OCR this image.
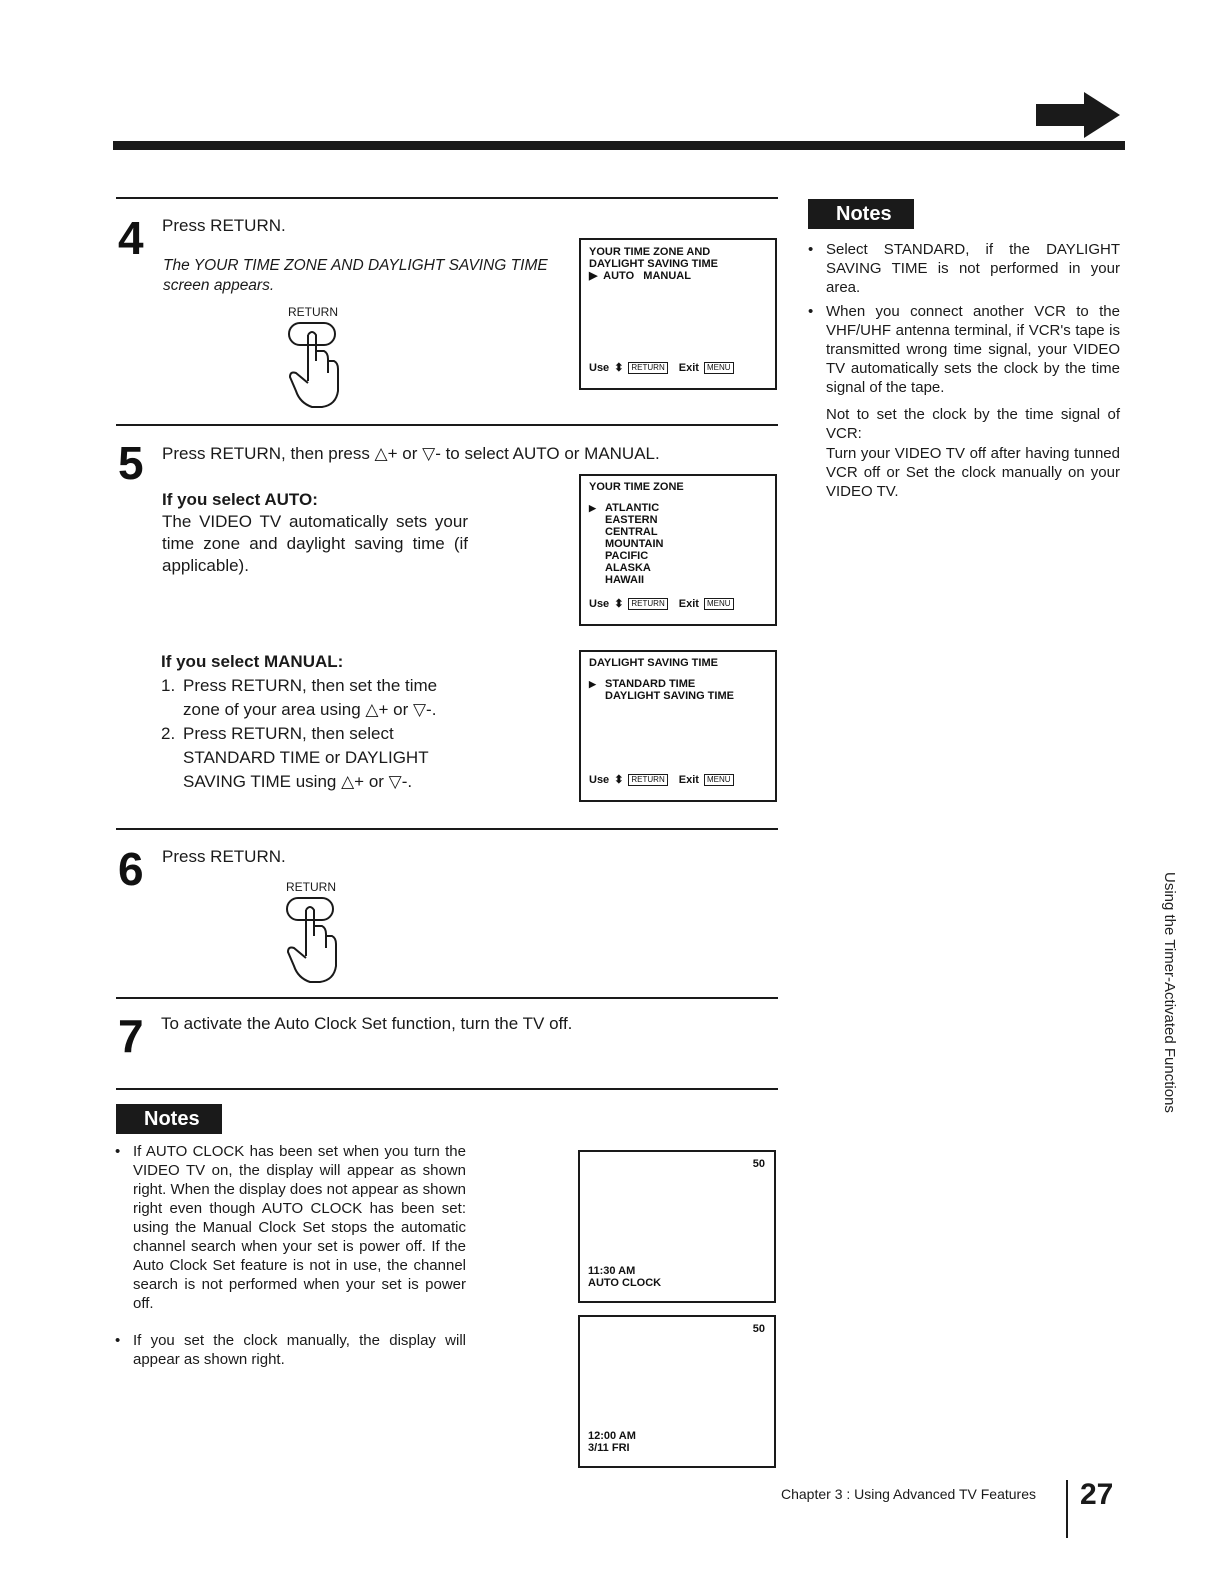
4 Press RETURN.
The YOUR TIME ZONE AND DAYLIGHT SAVING TIME screen appears.
RETURN
YOUR TIME ZONE AND
DAYLIGHT SAVING TIME
▶  AUTO   MANUAL
Use ⬍	RETURN Exit	MENU
5 Press RETURN, then press △+ or ▽- to select AUTO or MANUAL.
If you select AUTO:
The VIDEO TV automatically sets your time zone and daylight saving time (if applicable).
YOUR TIME ZONE
▶ ATLANTIC
EASTERN
CENTRAL
MOUNTAIN
PACIFIC
ALASKA
HAWAII
Use ⬍	RETURN Exit	MENU
If you select MANUAL:
1. Press RETURN, then set the time zone of your area using △+ or ▽-.
2. Press RETURN, then select STANDARD TIME or DAYLIGHT SAVING TIME using △+ or ▽-.
DAYLIGHT SAVING TIME
▶ STANDARD TIME
DAYLIGHT SAVING TIME
Use ⬍	RETURN Exit	MENU
6 Press RETURN.
RETURN
7 To activate the Auto Clock Set function, turn the TV off.
Notes
• If AUTO CLOCK has been set when you turn the VIDEO TV on, the display will appear as shown right. When the display does not appear as shown right even though AUTO CLOCK has been set: using the Manual Clock Set stops the automatic channel search when your set is power off. If the Auto Clock Set feature is not in use, the channel search is not performed when your set is power off.
• If you set the clock manually, the display will appear as shown right.
50
11:30 AM
AUTO CLOCK
50
12:00 AM
3/11 FRI
Notes
• Select STANDARD, if the DAYLIGHT SAVING TIME is not performed in your area.
• When you connect another VCR to the VHF/UHF antenna terminal, if VCR's tape is transmitted wrong time signal, your VIDEO TV automatically sets the clock by the time signal of the tape.
Not to set the clock by the time signal of VCR:
Turn your VIDEO TV off after having tunned VCR off or Set the clock manually on your VIDEO TV.
Using the Timer-Activated Functions
Chapter 3 : Using Advanced TV Features 27
